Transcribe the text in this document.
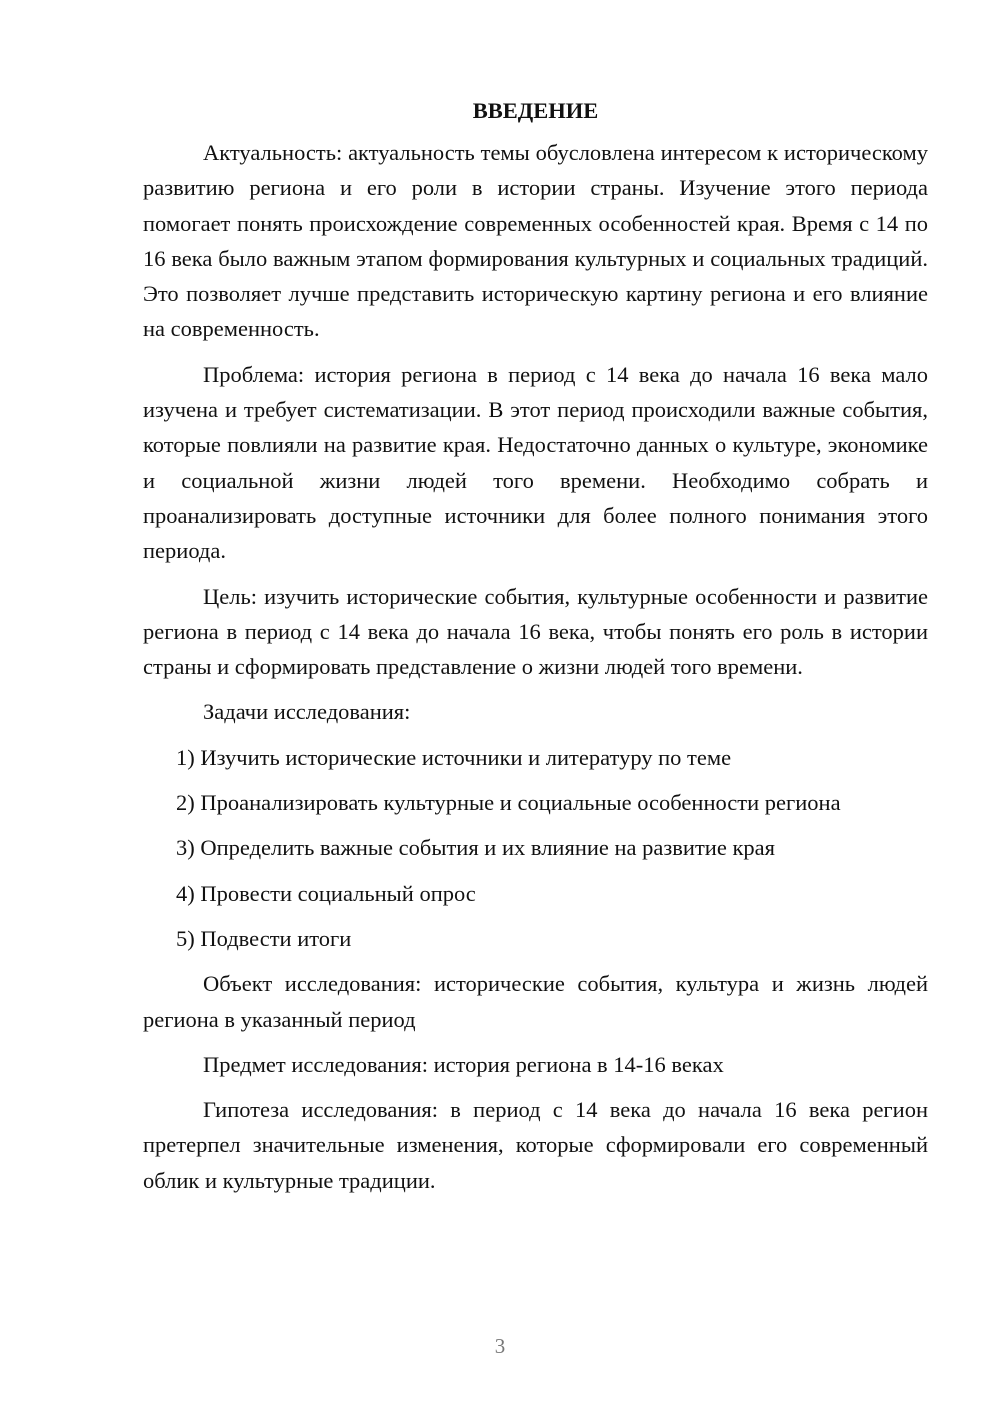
ВВЕДЕНИЕ

Актуальность: актуальность темы обусловлена интересом к историческому развитию региона и его роли в истории страны. Изучение этого периода помогает понять происхождение современных особенностей края. Время с 14 по 16 века было важным этапом формирования культурных и социальных традиций. Это позволяет лучше представить историческую картину региона и его влияние на современность.

Проблема: история региона в период с 14 века до начала 16 века мало изучена и требует систематизации. В этот период происходили важные события, которые повлияли на развитие края. Недостаточно данных о культуре, экономике и социальной жизни людей того времени. Необходимо собрать и проанализировать доступные источники для более полного понимания этого периода.

Цель: изучить исторические события, культурные особенности и развитие региона в период с 14 века до начала 16 века, чтобы понять его роль в истории страны и сформировать представление о жизни людей того времени.

Задачи исследования:

1) Изучить исторические источники и литературу по теме
2) Проанализировать культурные и социальные особенности региона
3) Определить важные события и их влияние на развитие края
4) Провести социальный опрос
5) Подвести итоги

Объект исследования: исторические события, культура и жизнь людей региона в указанный период

Предмет исследования: история региона в 14-16 веках

Гипотеза исследования: в период с 14 века до начала 16 века регион претерпел значительные изменения, которые сформировали его современный облик и культурные традиции.

3
